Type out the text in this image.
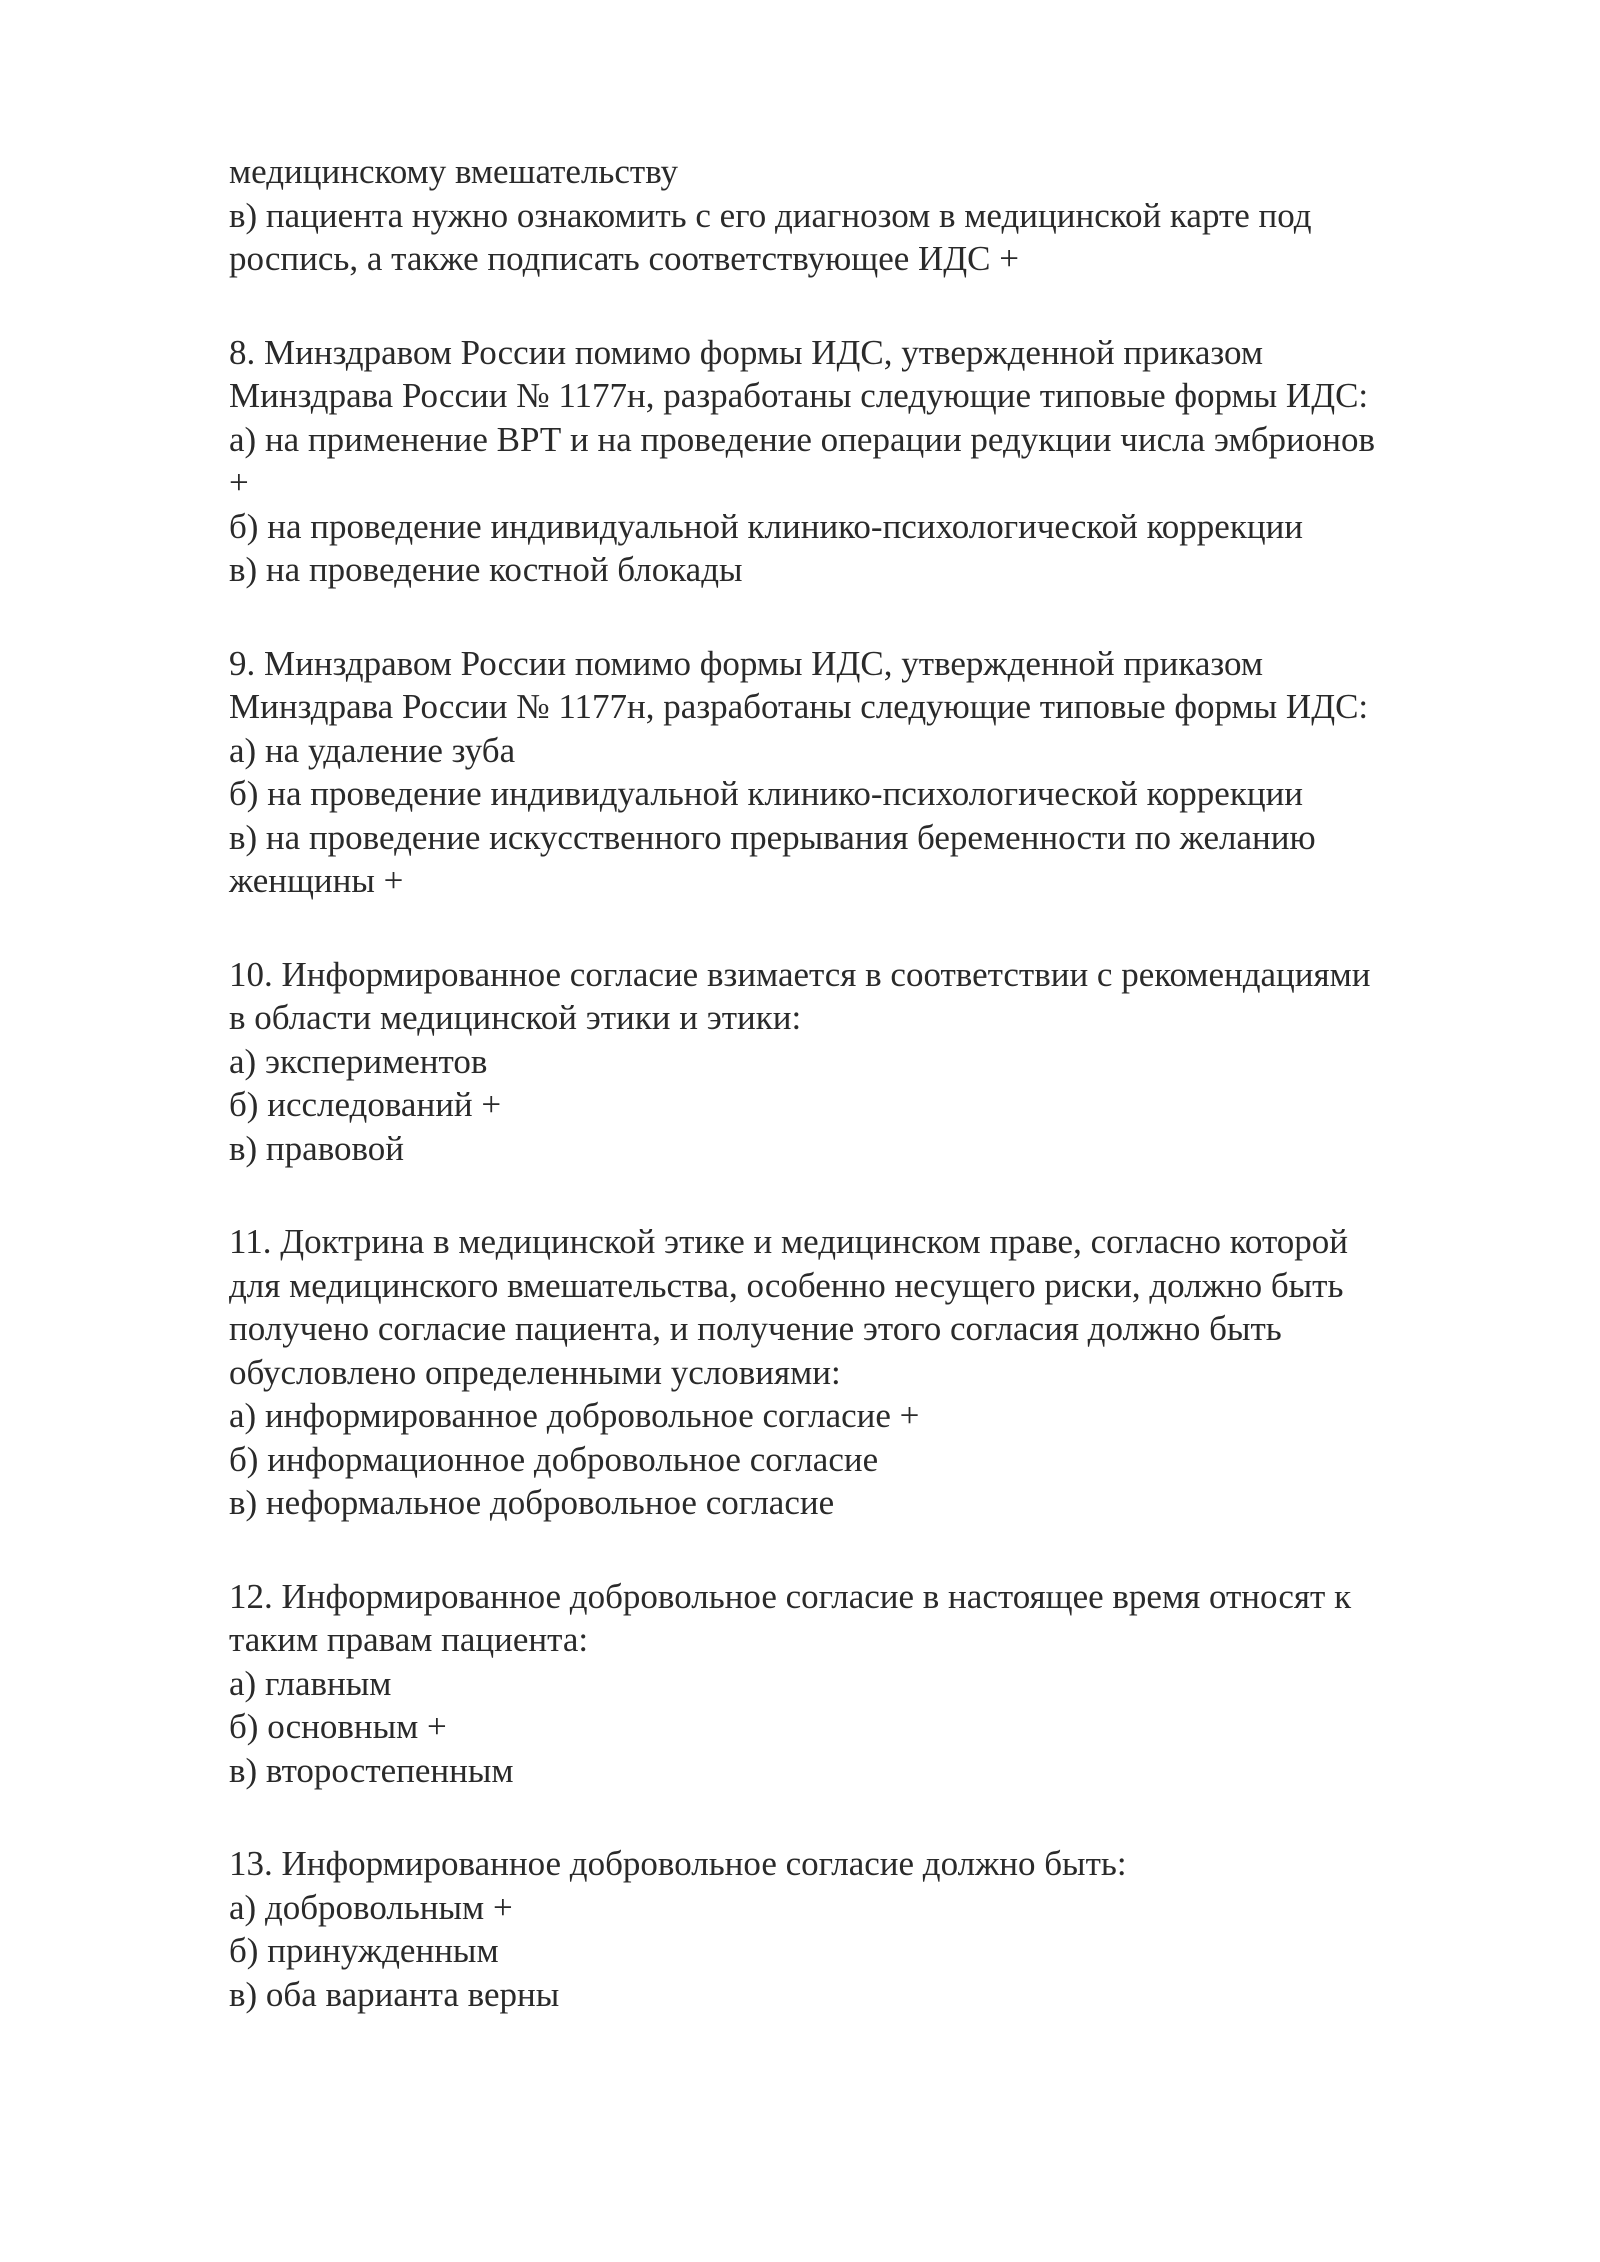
медицинскому вмешательству
в) пациента нужно ознакомить с его диагнозом в медицинской карте под
роспись, а также подписать соответствующее ИДС +
8. Минздравом России помимо формы ИДС, утвержденной приказом
Минздрава России № 1177н, разработаны следующие типовые формы ИДС:
а) на применение ВРТ и на проведение операции редукции числа эмбрионов
+
б) на проведение индивидуальной клинико-психологической коррекции
в) на проведение костной блокады
9. Минздравом России помимо формы ИДС, утвержденной приказом
Минздрава России № 1177н, разработаны следующие типовые формы ИДС:
а) на удаление зуба
б) на проведение индивидуальной клинико-психологической коррекции
в) на проведение искусственного прерывания беременности по желанию
женщины +
10. Информированное согласие взимается в соответствии с рекомендациями
в области медицинской этики и этики:
а) экспериментов
б) исследований +
в) правовой
11. Доктрина в медицинской этике и медицинском праве, согласно которой
для медицинского вмешательства, особенно несущего риски, должно быть
получено согласие пациента, и получение этого согласия должно быть
обусловлено определенными условиями:
а) информированное добровольное согласие +
б) информационное добровольное согласие
в) неформальное добровольное согласие
12. Информированное добровольное согласие в настоящее время относят к
таким правам пациента:
а) главным
б) основным +
в) второстепенным
13. Информированное добровольное согласие должно быть:
а) добровольным +
б) принужденным
в) оба варианта верны
